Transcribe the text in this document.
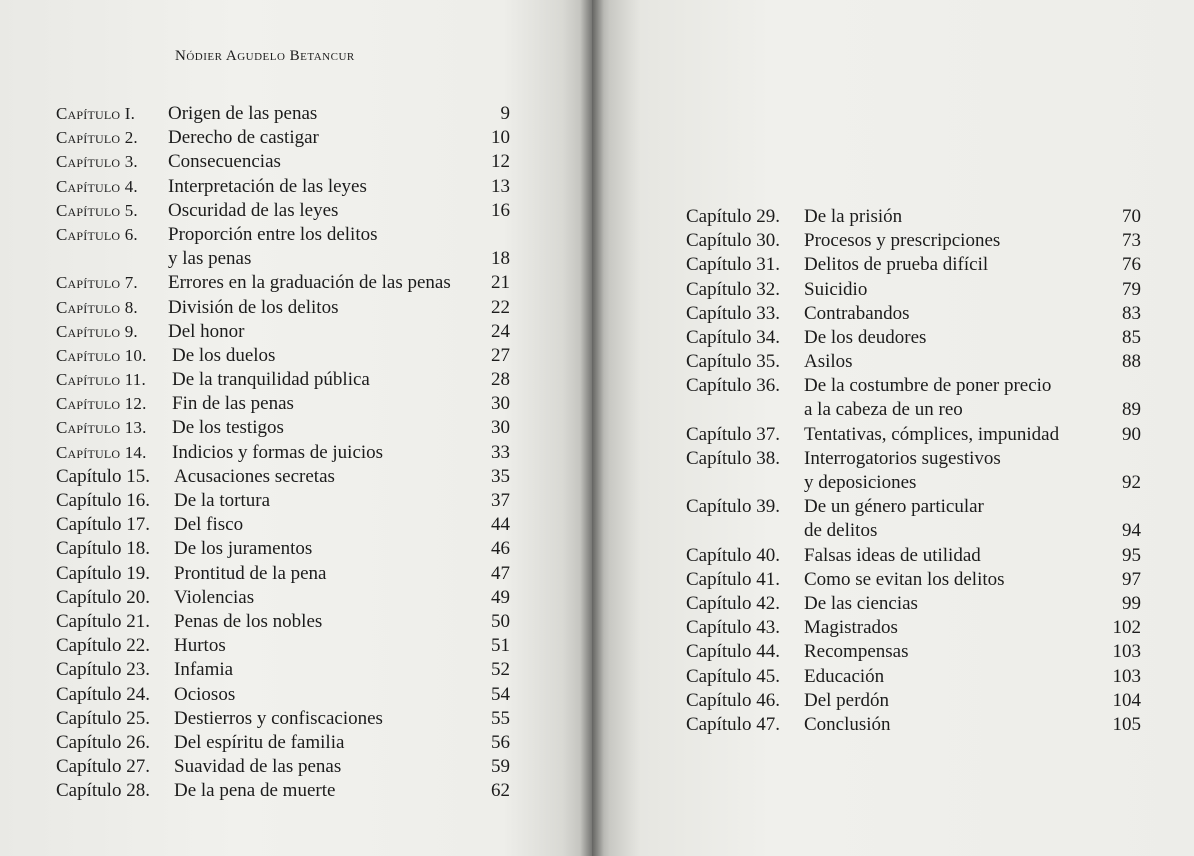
Nódier Agudelo Betancur
Capítulo I. Origen de las penas	9
Capítulo 2. Derecho de castigar	10
Capítulo 3. Consecuencias	12
Capítulo 4. Interpretación de las leyes	13
Capítulo 5. Oscuridad de las leyes	16
Capítulo 6. Proporción entre los delitos
y las penas	18
Capítulo 7. Errores en la graduación de las penas 21
Capítulo 8. División de los delitos	22
Capítulo 9. Del honor	24
Capítulo 10. De los duelos	27
Capítulo 11. De la tranquilidad pública	28
Capítulo 12. Fin de las penas	30
Capítulo 13. De los testigos	30
Capítulo 14. Indicios y formas de juicios	33
Capítulo 15. Acusaciones secretas	35
Capítulo 16. De la tortura	37
Capítulo 17. Del fisco	44
Capítulo 18. De los juramentos	46
Capítulo 19. Prontitud de la pena	47
Capítulo 20. Violencias	49
Capítulo 21. Penas de los nobles	50
Capítulo 22. Hurtos	51
Capítulo 23. Infamia	52
Capítulo 24. Ociosos	54
Capítulo 25. Destierros y confiscaciones	55
Capítulo 26. Del espíritu de familia	56
Capítulo 27. Suavidad de las penas	59
Capítulo 28. De la pena de muerte	62
Capítulo 29. De la prisión	70
Capítulo 30. Procesos y prescripciones	73
Capítulo 31. Delitos de prueba difícil	76
Capítulo 32. Suicidio	79
Capítulo 33. Contrabandos	83
Capítulo 34. De los deudores	85
Capítulo 35. Asilos	88
Capítulo 36. De la costumbre de poner precio
a la cabeza de un reo	89
Capítulo 37. Tentativas, cómplices, impunidad	90
Capítulo 38. Interrogatorios sugestivos
y deposiciones	92
Capítulo 39. De un género particular
de delitos	94
Capítulo 40. Falsas ideas de utilidad	95
Capítulo 41. Como se evitan los delitos	97
Capítulo 42. De las ciencias	99
Capítulo 43. Magistrados	102
Capítulo 44. Recompensas	103
Capítulo 45. Educación	103
Capítulo 46. Del perdón	104
Capítulo 47. Conclusión	105
